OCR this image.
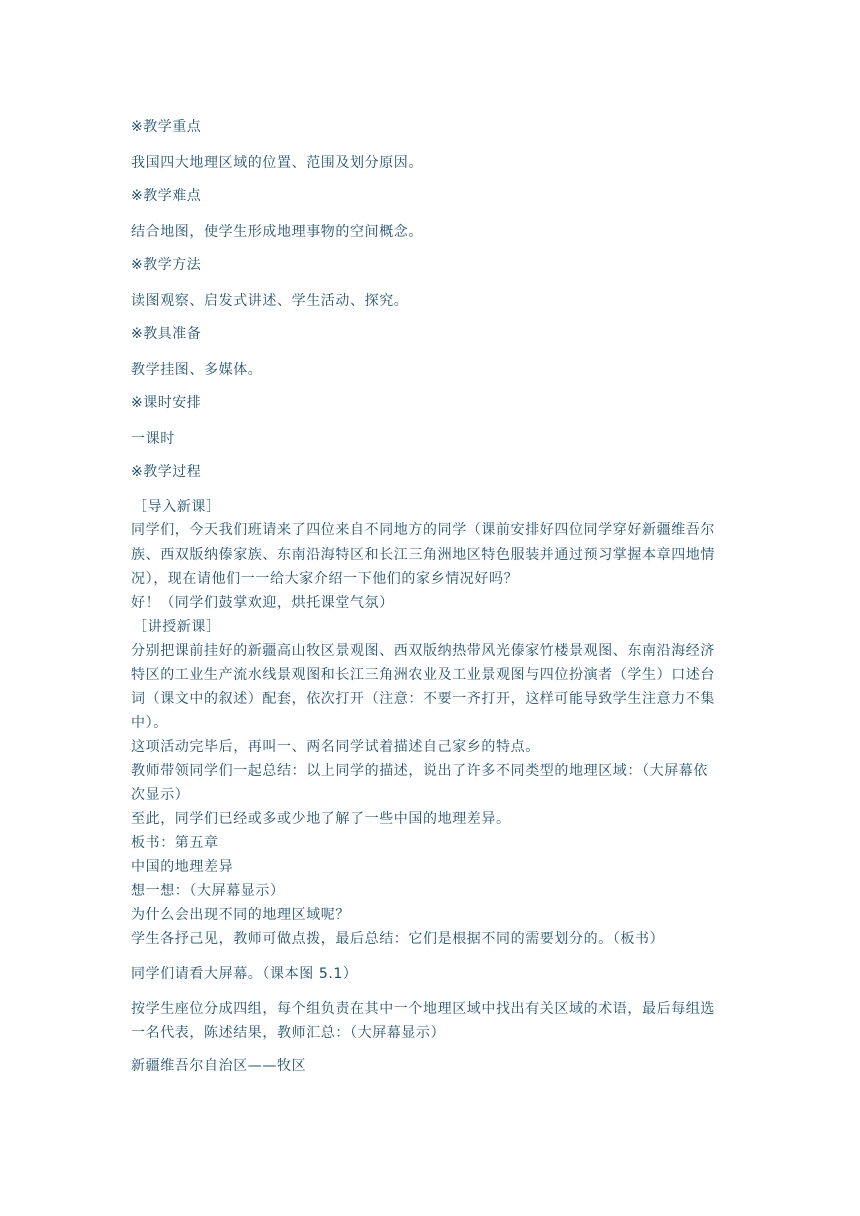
※教学重点
我国四大地理区域的位置、范围及划分原因。
※教学难点
结合地图，使学生形成地理事物的空间概念。
※教学方法
读图观察、启发式讲述、学生活动、探究。
※教具准备
教学挂图、多媒体。
※课时安排
一课时
※教学过程
［导入新课］
同学们，今天我们班请来了四位来自不同地方的同学（课前安排好四位同学穿好新疆维吾尔
族、西双版纳傣家族、东南沿海特区和长江三角洲地区特色服装并通过预习掌握本章四地情
况），现在请他们一一给大家介绍一下他们的家乡情况好吗？
好！（同学们鼓掌欢迎，烘托课堂气氛）
［讲授新课］
分别把课前挂好的新疆高山牧区景观图、西双版纳热带风光傣家竹楼景观图、东南沿海经济
特区的工业生产流水线景观图和长江三角洲农业及工业景观图与四位扮演者（学生）口述台
词（课文中的叙述）配套，依次打开（注意：不要一齐打开，这样可能导致学生注意力不集
中）。
这项活动完毕后，再叫一、两名同学试着描述自己家乡的特点。
教师带领同学们一起总结：以上同学的描述，说出了许多不同类型的地理区域：（大屏幕依
次显示）
至此，同学们已经或多或少地了解了一些中国的地理差异。
板书：第五章
中国的地理差异
想一想：（大屏幕显示）
为什么会出现不同的地理区域呢？
学生各抒己见，教师可做点拨，最后总结：它们是根据不同的需要划分的。（板书）
同学们请看大屏幕。（课本图 5.1）
按学生座位分成四组，每个组负责在其中一个地理区域中找出有关区域的术语，最后每组选
一名代表，陈述结果，教师汇总：（大屏幕显示）
新疆维吾尔自治区——牧区
